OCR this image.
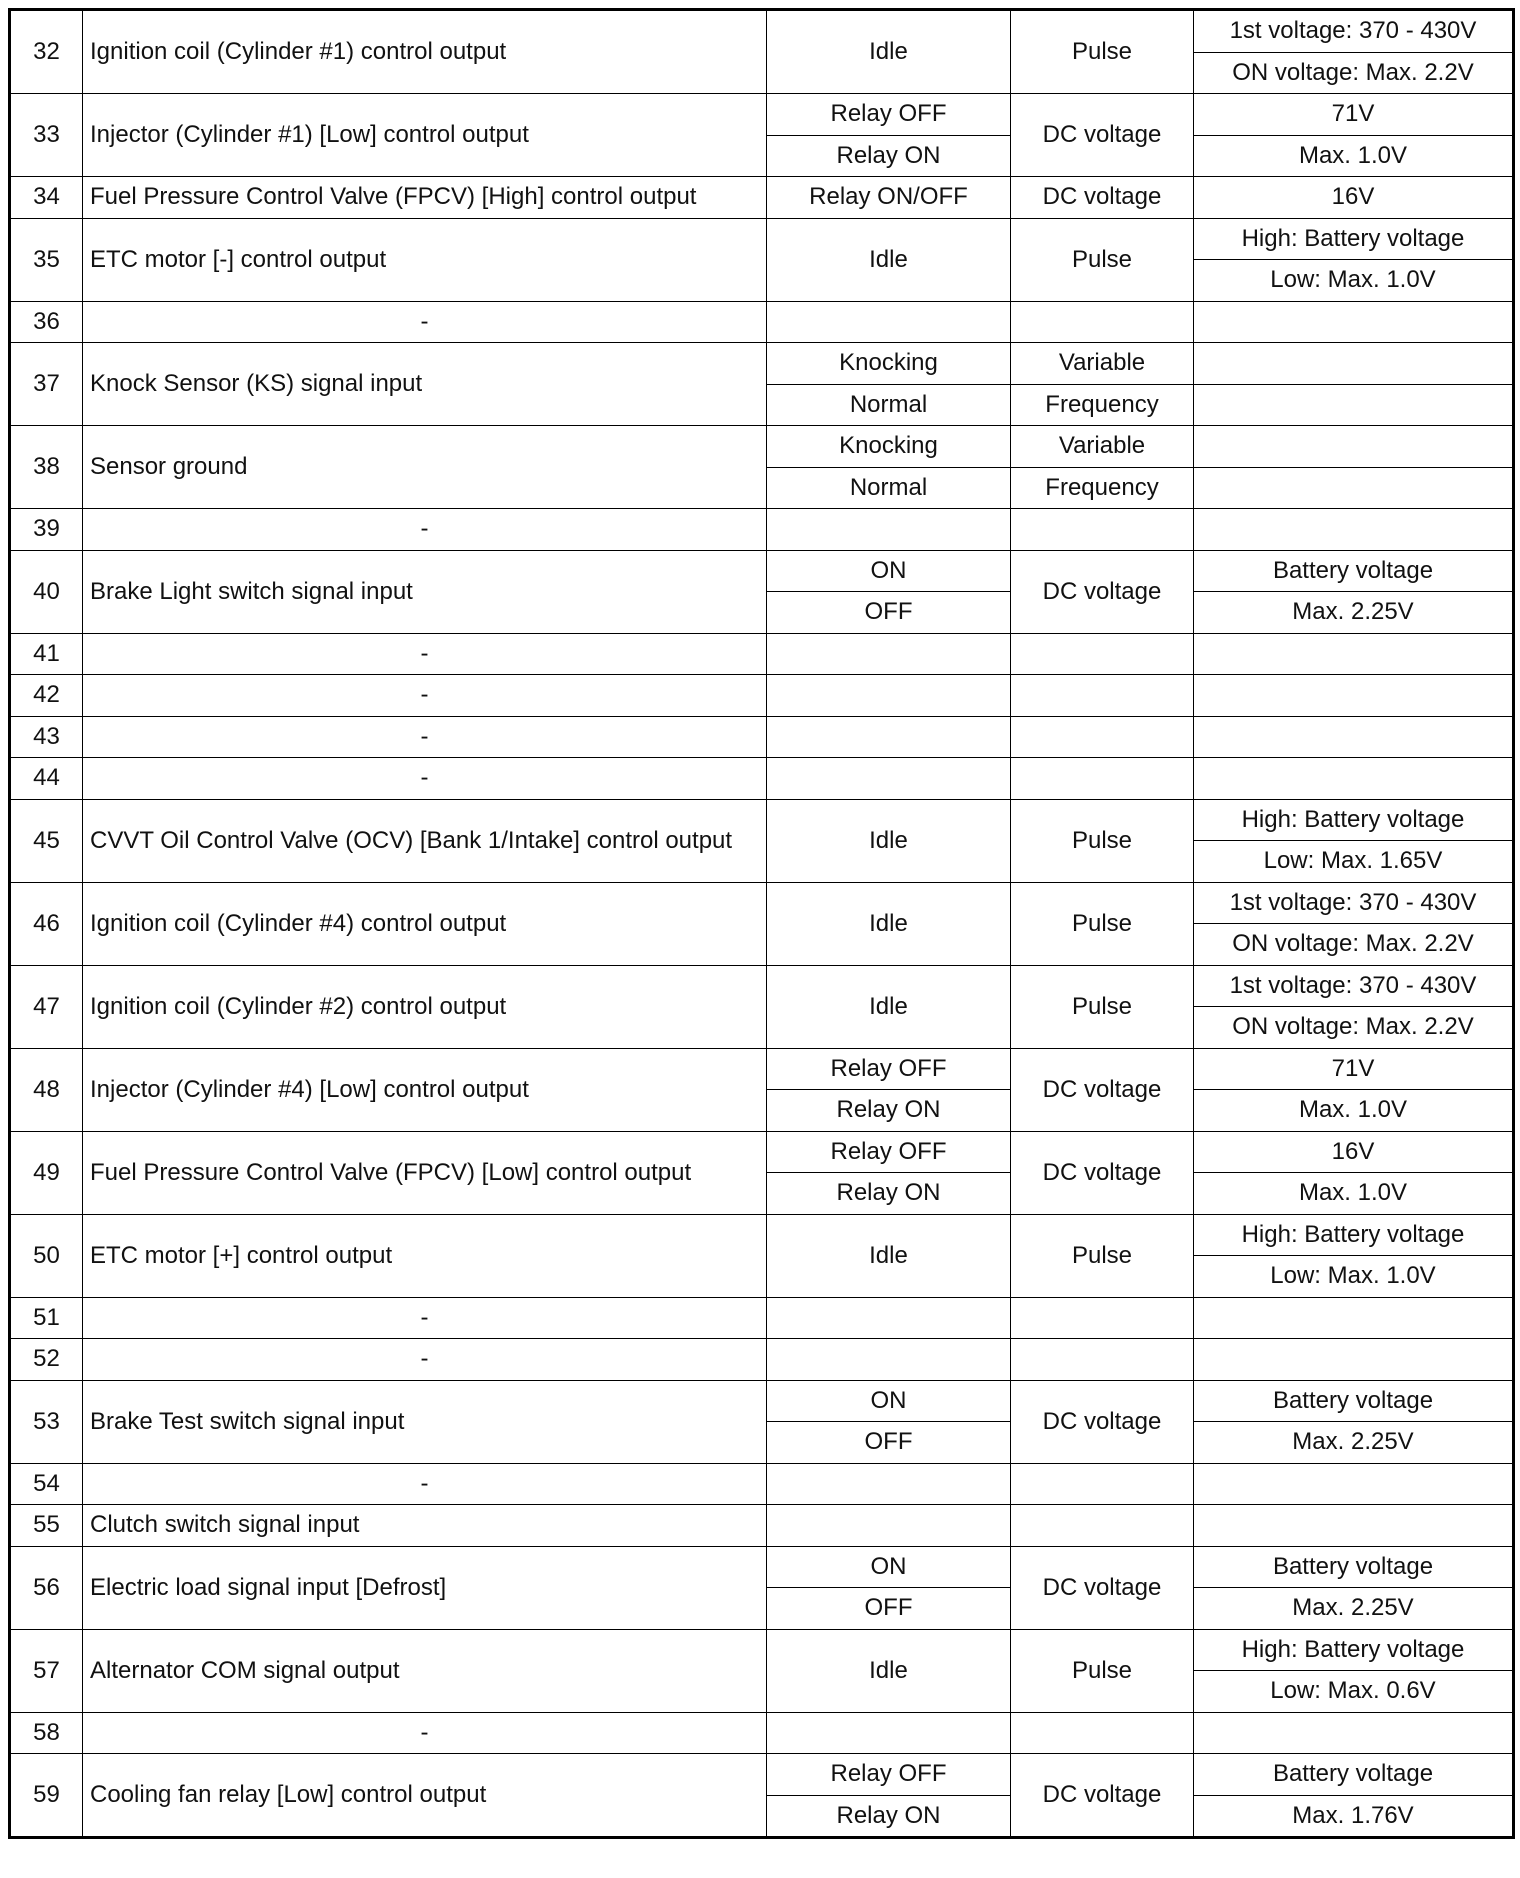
32	Ignition coil (Cylinder #1) control output	Idle	Pulse	1st voltage: 370 - 430V
				ON voltage: Max. 2.2V
33	Injector (Cylinder #1) [Low] control output	Relay OFF	DC voltage	71V
		Relay ON		Max. 1.0V
34	Fuel Pressure Control Valve (FPCV) [High] control output	Relay ON/OFF	DC voltage	16V
35	ETC motor [-] control output	Idle	Pulse	High: Battery voltage
				Low: Max. 1.0V
36	-			
37	Knock Sensor (KS) signal input	Knocking	Variable	
		Normal	Frequency	
38	Sensor ground	Knocking	Variable	
		Normal	Frequency	
39	-			
40	Brake Light switch signal input	ON	DC voltage	Battery voltage
		OFF		Max. 2.25V
41	-			
42	-			
43	-			
44	-			
45	CVVT Oil Control Valve (OCV) [Bank 1/Intake] control output	Idle	Pulse	High: Battery voltage
				Low: Max. 1.65V
46	Ignition coil (Cylinder #4) control output	Idle	Pulse	1st voltage: 370 - 430V
				ON voltage: Max. 2.2V
47	Ignition coil (Cylinder #2) control output	Idle	Pulse	1st voltage: 370 - 430V
				ON voltage: Max. 2.2V
48	Injector (Cylinder #4) [Low] control output	Relay OFF	DC voltage	71V
		Relay ON		Max. 1.0V
49	Fuel Pressure Control Valve (FPCV) [Low] control output	Relay OFF	DC voltage	16V
		Relay ON		Max. 1.0V
50	ETC motor [+] control output	Idle	Pulse	High: Battery voltage
				Low: Max. 1.0V
51	-			
52	-			
53	Brake Test switch signal input	ON	DC voltage	Battery voltage
		OFF		Max. 2.25V
54	-			
55	Clutch switch signal input			
56	Electric load signal input [Defrost]	ON	DC voltage	Battery voltage
		OFF		Max. 2.25V
57	Alternator COM signal output	Idle	Pulse	High: Battery voltage
				Low: Max. 0.6V
58	-			
59	Cooling fan relay [Low] control output	Relay OFF	DC voltage	Battery voltage
		Relay ON		Max. 1.76V
